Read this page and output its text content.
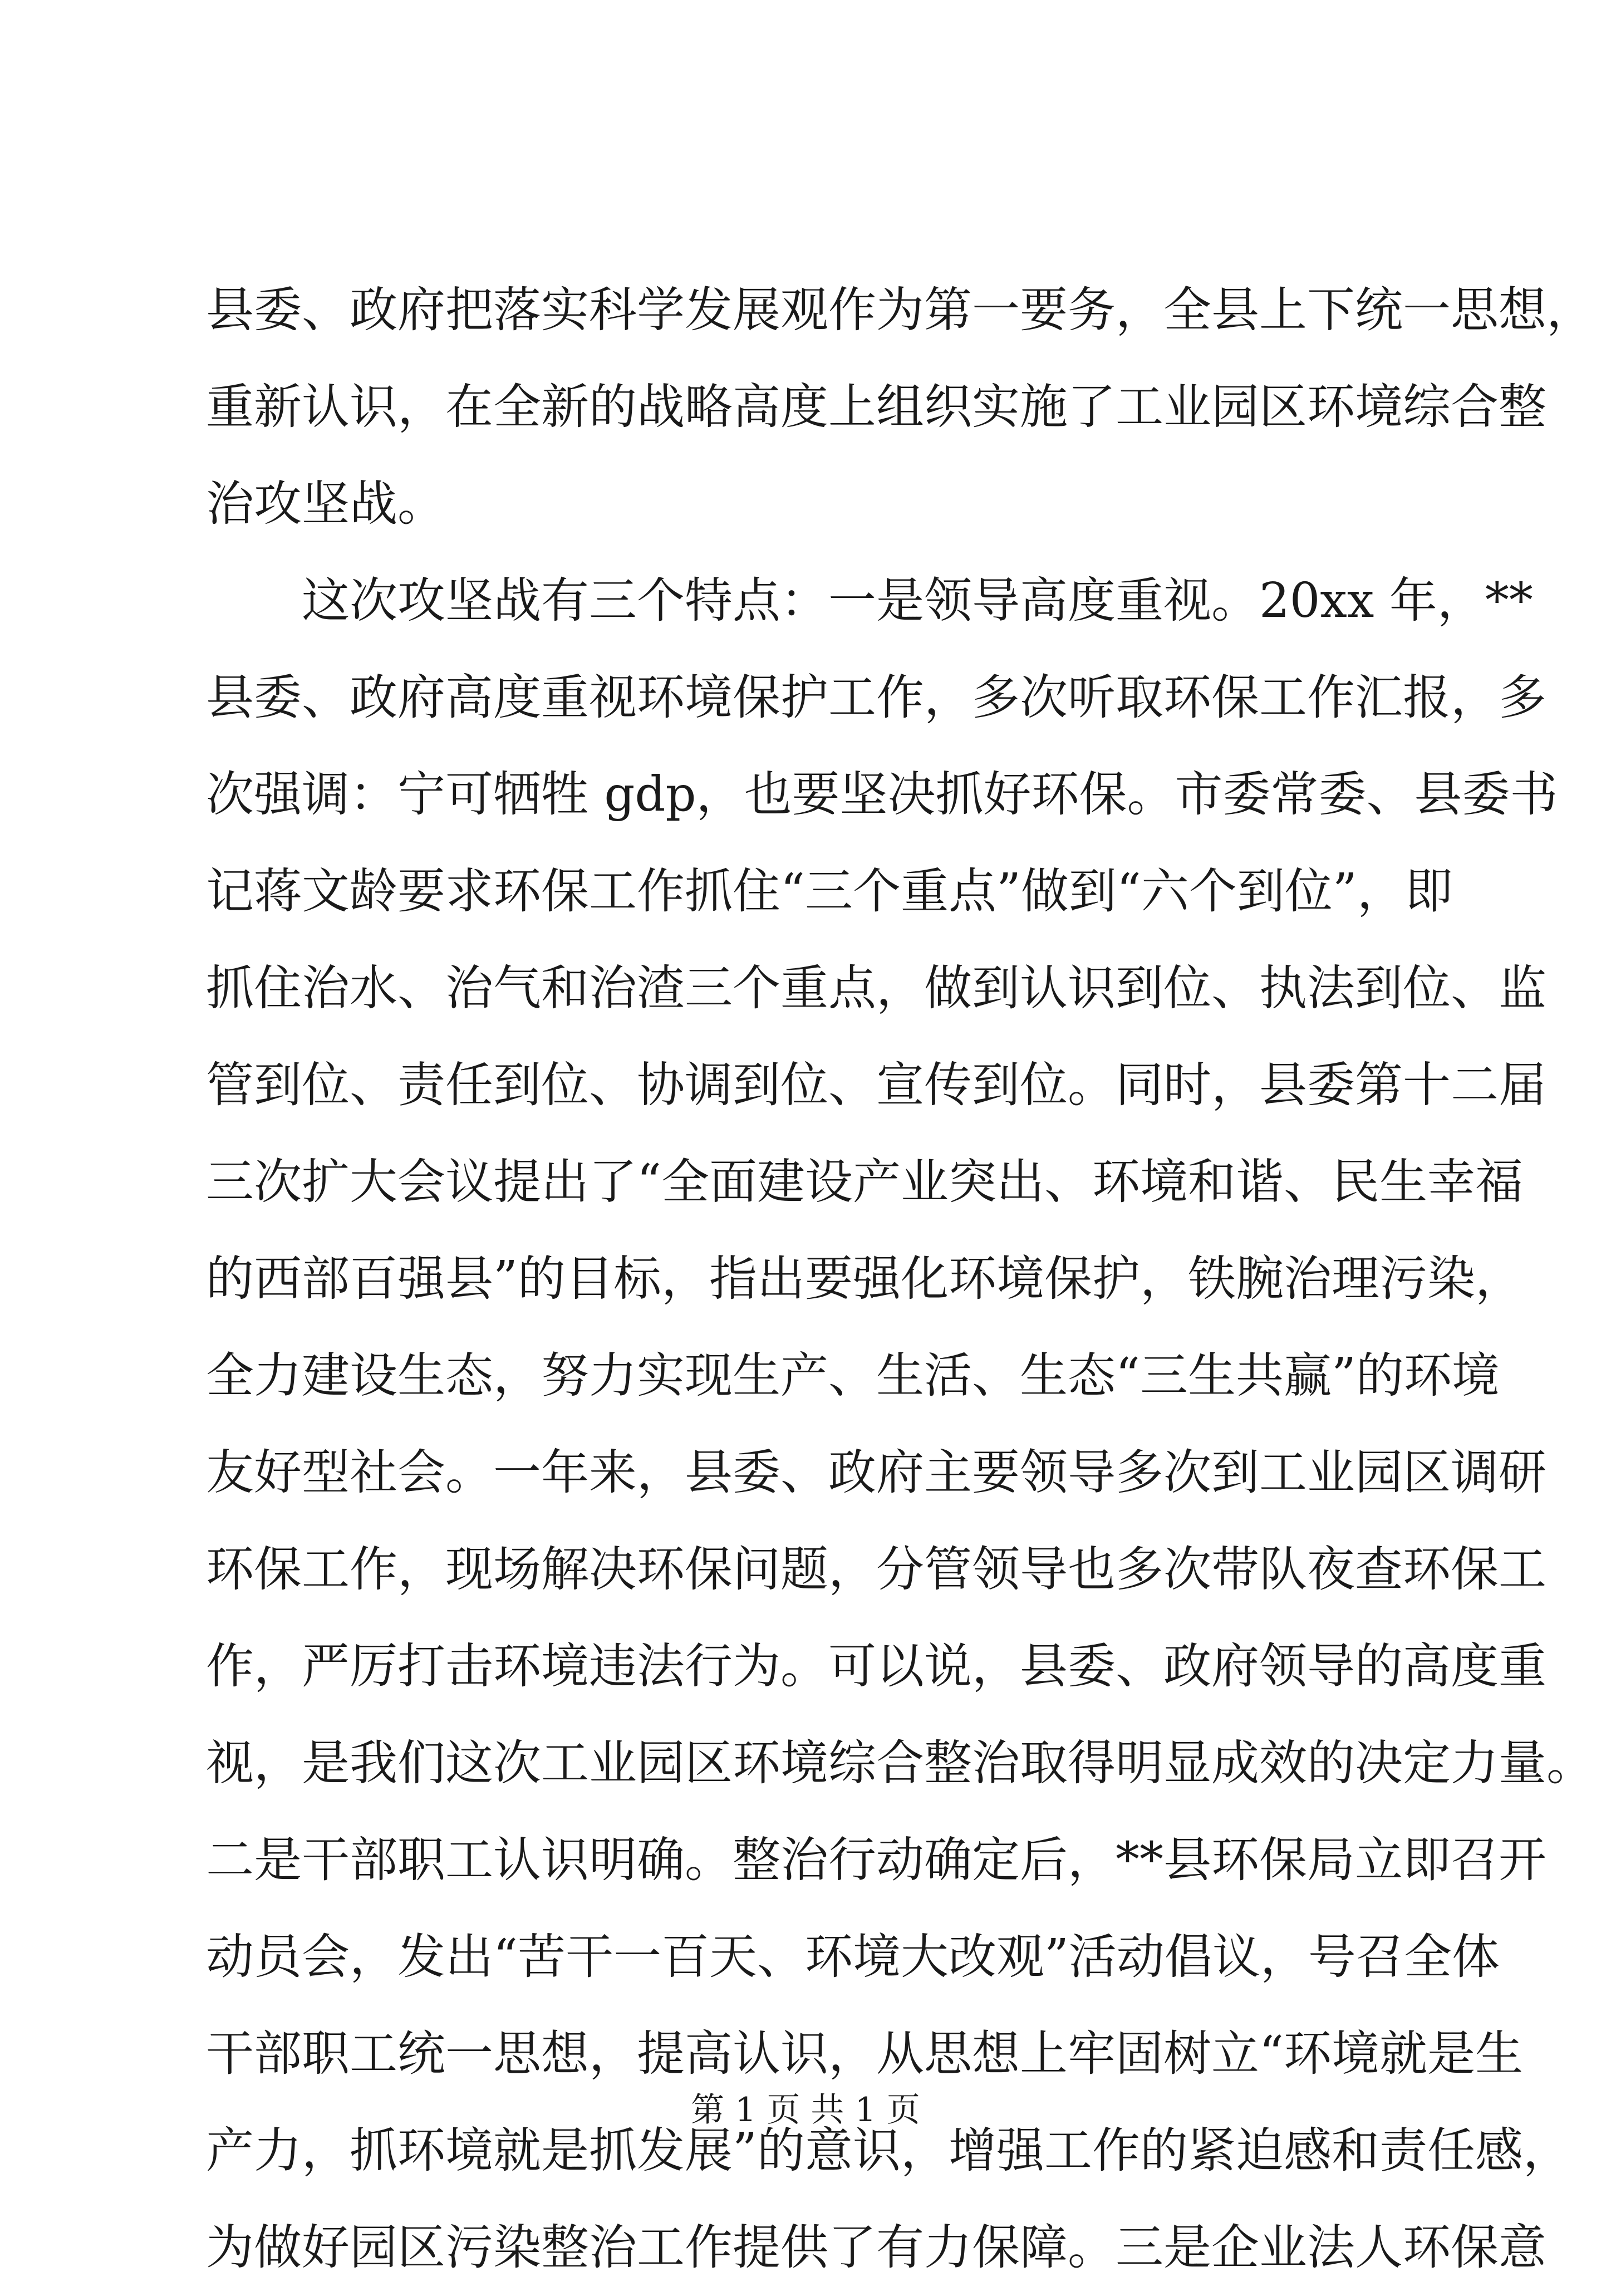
县委、政府把落实科学发展观作为第一要务，全县上下统一思想，
重新认识，在全新的战略高度上组织实施了工业园区环境综合整
治攻坚战。
　　这次攻坚战有三个特点：一是领导高度重视。20xx 年，**
县委、政府高度重视环境保护工作，多次听取环保工作汇报，多
次强调：宁可牺牲 gdp，也要坚决抓好环保。市委常委、县委书
记蒋文龄要求环保工作抓住“三个重点”做到“六个到位”，即
抓住治水、治气和治渣三个重点，做到认识到位、执法到位、监
管到位、责任到位、协调到位、宣传到位。同时，县委第十二届
三次扩大会议提出了“全面建设产业突出、环境和谐、民生幸福
的西部百强县”的目标，指出要强化环境保护，铁腕治理污染，
全力建设生态，努力实现生产、生活、生态“三生共赢”的环境
友好型社会。一年来，县委、政府主要领导多次到工业园区调研
环保工作，现场解决环保问题，分管领导也多次带队夜查环保工
作，严厉打击环境违法行为。可以说，县委、政府领导的高度重
视，是我们这次工业园区环境综合整治取得明显成效的决定力量。
二是干部职工认识明确。整治行动确定后，**县环保局立即召开
动员会，发出“苦干一百天、环境大改观”活动倡议，号召全体
干部职工统一思想，提高认识，从思想上牢固树立“环境就是生
产力，抓环境就是抓发展”的意识，增强工作的紧迫感和责任感，
为做好园区污染整治工作提供了有力保障。三是企业法人环保意
第 1 页 共 1 页
